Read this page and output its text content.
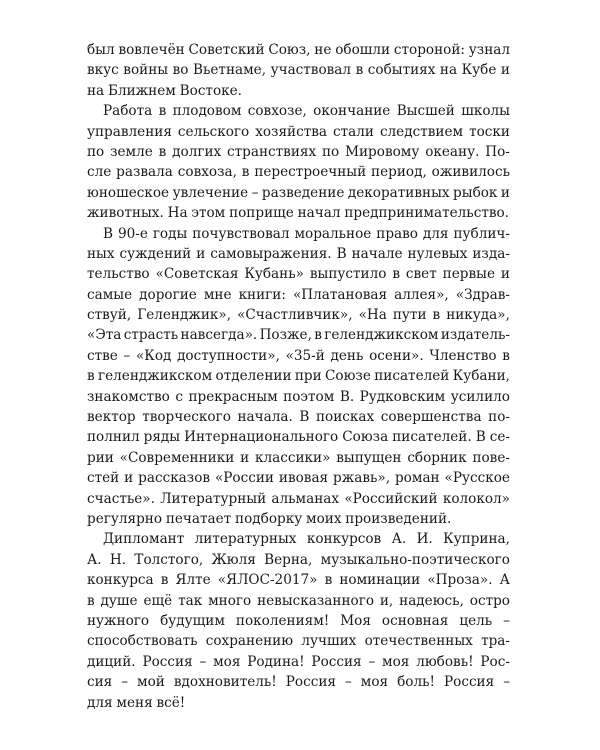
был вовлечён Советский Союз, не обошли стороной: узнал
вкус войны во Вьетнаме, участвовал в событиях на Кубе и
на Ближнем Востоке.
Работа в плодовом совхозе, окончание Высшей школы
управления сельского хозяйства стали следствием тоски
по земле в долгих странствиях по Мировому океану. По-
сле развала совхоза, в перестроечный период, оживилось
юношеское увлечение – разведение декоративных рыбок и
животных. На этом поприще начал предпринимательство.
В 90-е годы почувствовал моральное право для публич-
ных суждений и самовыражения. В начале нулевых изда-
тельство «Советская Кубань» выпустило в свет первые и
самые дорогие мне книги: «Платановая аллея», «Здрав-
ствуй, Геленджик», «Счастливчик», «На пути в никуда»,
«Эта страсть навсегда». Позже, в геленджикском издатель-
стве – «Код доступности», «35-й день осени». Членство в
в геленджикском отделении при Союзе писателей Кубани,
знакомство с прекрасным поэтом В. Рудковским усилило
вектор творческого начала. В поисках совершенства по-
полнил ряды Интернационального Союза писателей. В се-
рии «Современники и классики» выпущен сборник пове-
стей и рассказов «России ивовая ржавь», роман «Русское
счастье». Литературный альманах «Российский колокол»
регулярно печатает подборку моих произведений.
Дипломант литературных конкурсов А. И. Куприна,
А. Н. Толстого, Жюля Верна, музыкально-поэтического
конкурса в Ялте «ЯЛОС-2017» в номинации «Проза». А
в душе ещё так много невысказанного и, надеюсь, остро
нужного будущим поколениям! Моя основная цель –
способствовать сохранению лучших отечественных тра-
диций. Россия – моя Родина! Россия – моя любовь! Рос-
сия – мой вдохновитель! Россия – моя боль! Россия –
для меня всё!
